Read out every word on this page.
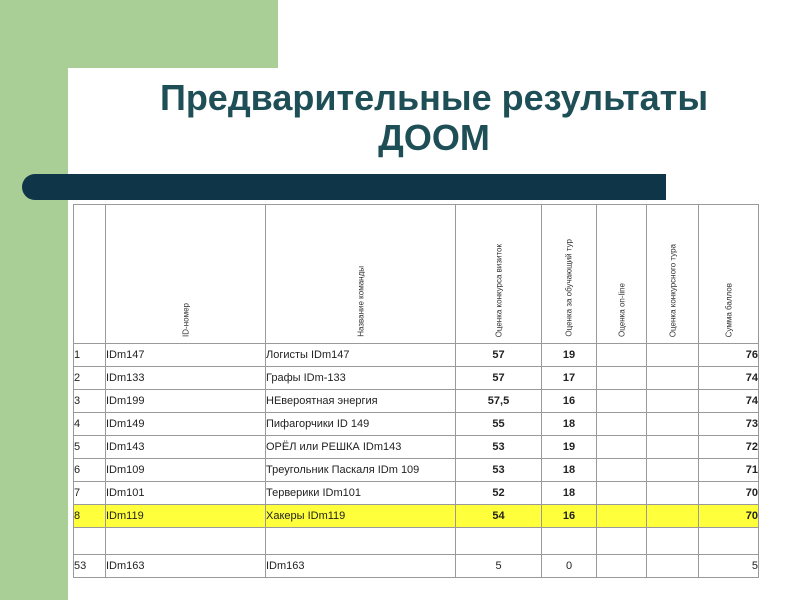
Предварительные результаты
ДООМ

	ID-номер	Название команды	Оценка конкурса визиток	Оценка за обучающий тур	Оценка on-line	Оценка конкурсного тура	Сумма баллов

1	IDm147	Логисты IDm147	57	19			76
2	IDm133	Графы IDm-133	57	17			74
3	IDm199	НЕвероятная энергия	57,5	16			74
4	IDm149	Пифагорчики ID 149	55	18			73
5	IDm143	ОРЁЛ или РЕШКА IDm143	53	19			72
6	IDm109	Треугольник Паскаля IDm 109	53	18			71
7	IDm101	Терверики IDm101	52	18			70
8	IDm119	Хакеры IDm119	54	16			70

53	IDm163	IDm163	5	0			5
